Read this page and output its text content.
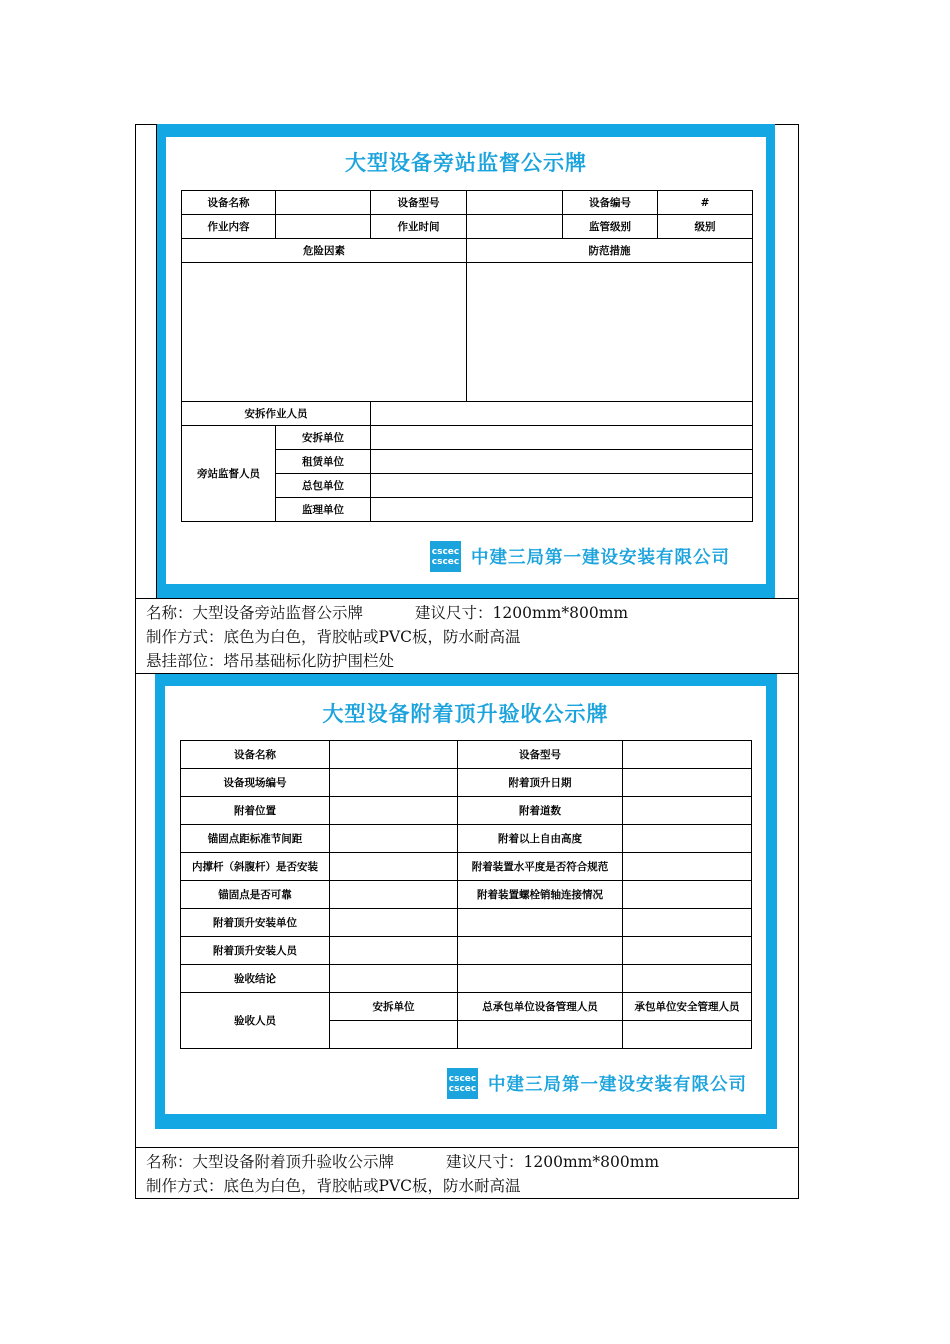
大型设备旁站监督公示牌
设备名称		设备型号		设备编号	#
作业内容		作业时间		监管级别	级别
危险因素			防范措施		

安拆作业人员					
旁站监督人员	安拆单位				
	租赁单位				
	总包单位				
	监理单位				
cscec
cscec 中建三局第一建设安装有限公司
名称：大型设备旁站监督公示牌	建议尺寸：1200mm*800mm
制作方式：底色为白色，背胶帖或PVC板，防水耐高温
悬挂部位：塔吊基础标化防护围栏处
大型设备附着顶升验收公示牌
设备名称		设备型号	
设备现场编号		附着顶升日期	
附着位置		附着道数	
锚固点距标准节间距		附着以上自由高度	
内撑杆（斜腹杆）是否安装		附着装置水平度是否符合规范	
锚固点是否可靠		附着装置螺栓销轴连接情况	
附着顶升安装单位			
附着顶升安装人员			
验收结论			
验收人员	安拆单位	总承包单位设备管理人员	承包单位安全管理人员

cscec
cscec 中建三局第一建设安装有限公司
名称：大型设备附着顶升验收公示牌	建议尺寸：1200mm*800mm
制作方式：底色为白色，背胶帖或PVC板，防水耐高温
